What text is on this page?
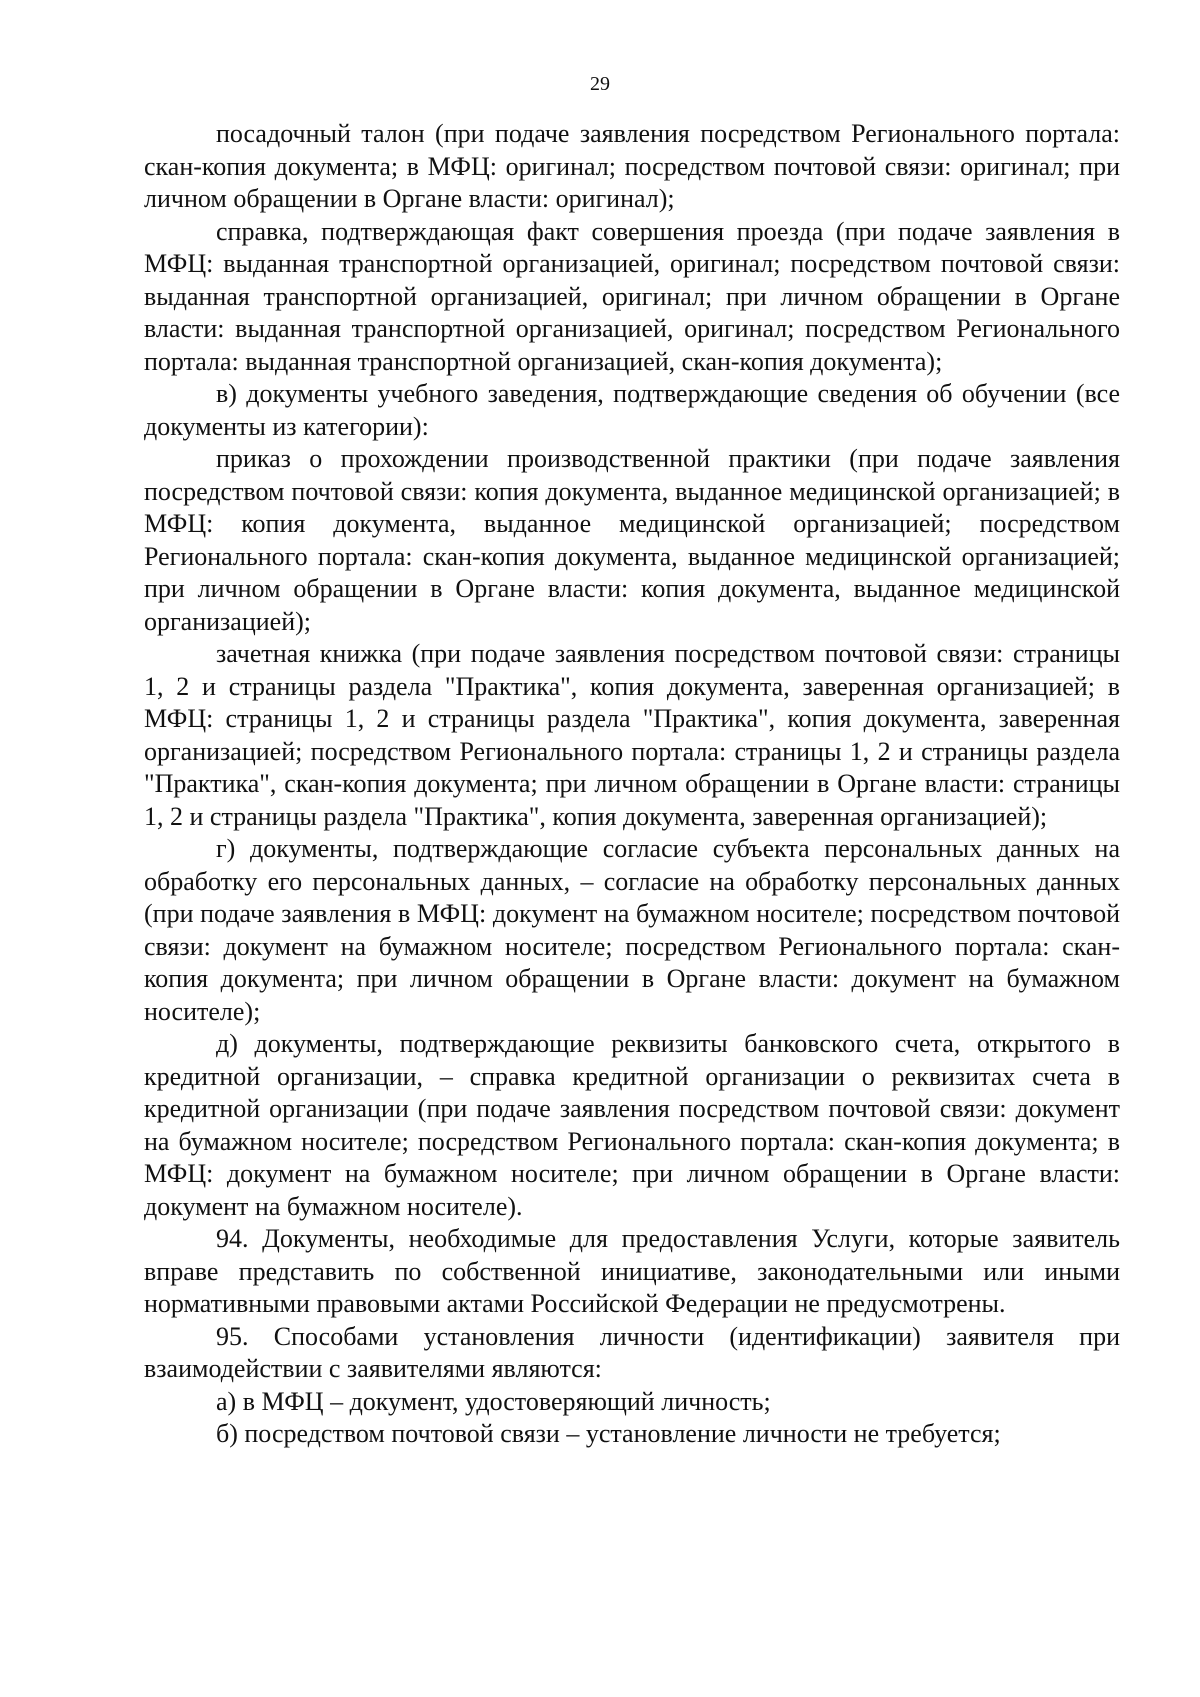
29

посадочный талон (при подаче заявления посредством Регионального портала: скан-копия документа; в МФЦ: оригинал; посредством почтовой связи: оригинал; при личном обращении в Органе власти: оригинал);

справка, подтверждающая факт совершения проезда (при подаче заявления в МФЦ: выданная транспортной организацией, оригинал; посредством почтовой связи: выданная транспортной организацией, оригинал; при личном обращении в Органе власти: выданная транспортной организацией, оригинал; посредством Регионального портала: выданная транспортной организацией, скан-копия документа);

в) документы учебного заведения, подтверждающие сведения об обучении (все документы из категории):

приказ о прохождении производственной практики (при подаче заявления посредством почтовой связи: копия документа, выданное медицинской организацией; в МФЦ: копия документа, выданное медицинской организацией; посредством Регионального портала: скан-копия документа, выданное медицинской организацией; при личном обращении в Органе власти: копия документа, выданное медицинской организацией);

зачетная книжка (при подаче заявления посредством почтовой связи: страницы 1, 2 и страницы раздела "Практика", копия документа, заверенная организацией; в МФЦ: страницы 1, 2 и страницы раздела "Практика", копия документа, заверенная организацией; посредством Регионального портала: страницы 1, 2 и страницы раздела "Практика", скан-копия документа; при личном обращении в Органе власти: страницы 1, 2 и страницы раздела "Практика", копия документа, заверенная организацией);

г) документы, подтверждающие согласие субъекта персональных данных на обработку его персональных данных, – согласие на обработку персональных данных (при подаче заявления в МФЦ: документ на бумажном носителе; посредством почтовой связи: документ на бумажном носителе; посредством Регионального портала: скан-копия документа; при личном обращении в Органе власти: документ на бумажном носителе);

д) документы, подтверждающие реквизиты банковского счета, открытого в кредитной организации, – справка кредитной организации о реквизитах счета в кредитной организации (при подаче заявления посредством почтовой связи: документ на бумажном носителе; посредством Регионального портала: скан-копия документа; в МФЦ: документ на бумажном носителе; при личном обращении в Органе власти: документ на бумажном носителе).

94. Документы, необходимые для предоставления Услуги, которые заявитель вправе представить по собственной инициативе, законодательными или иными нормативными правовыми актами Российской Федерации не предусмотрены.

95. Способами установления личности (идентификации) заявителя при взаимодействии с заявителями являются:

а) в МФЦ – документ, удостоверяющий личность;

б) посредством почтовой связи – установление личности не требуется;
